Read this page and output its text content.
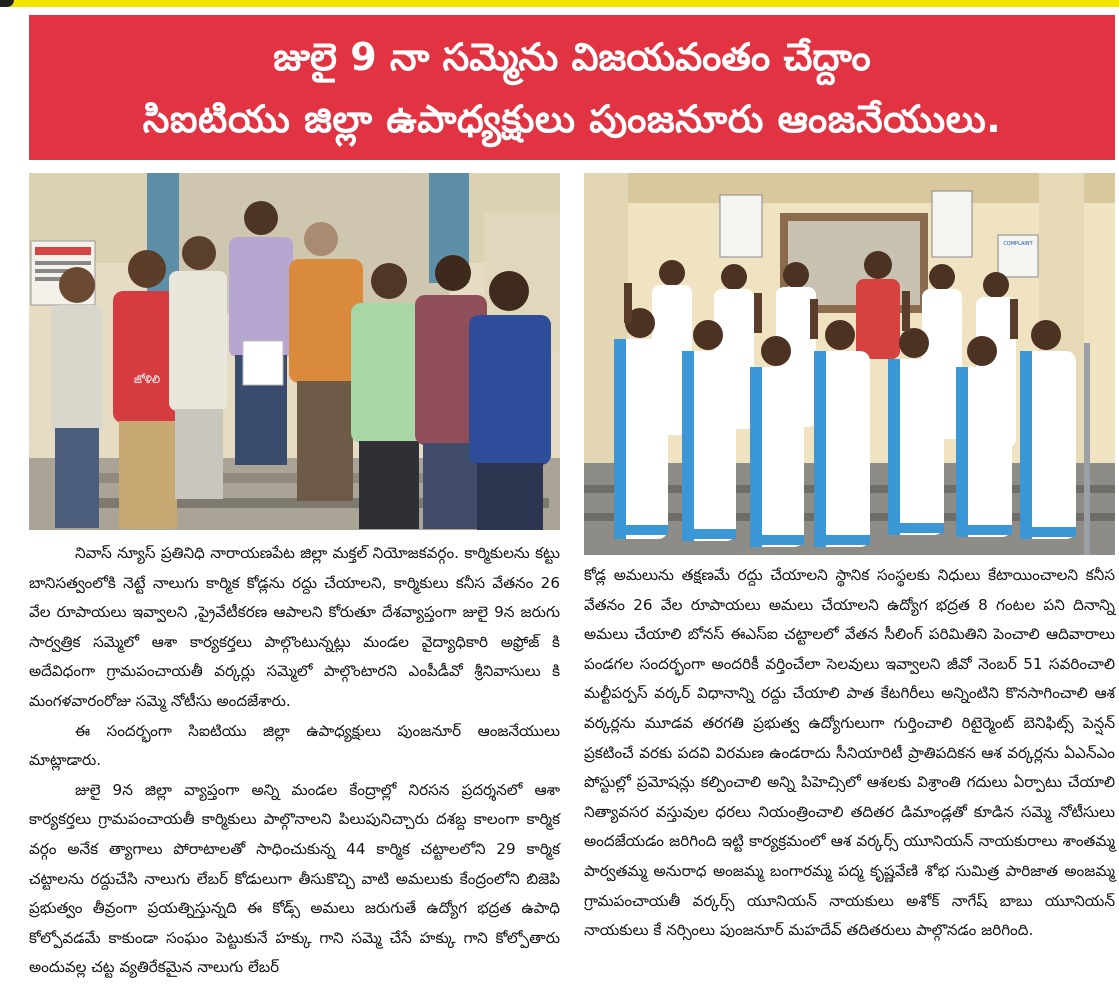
జులై 9 నా సమ్మెను విజయవంతం చేద్దాం
సిఐటియు జిల్లా ఉపాధ్యక్షులు పుంజనూరు ఆంజనేయులు.
జోళిలి
COMPLAINT

నివాస్ న్యూస్ ప్రతినిధి నారాయణపేట జిల్లా మక్తల్ నియోజకవర్గం. కార్మికులను కట్టు బానిసత్వంలోకి నెట్టే నాలుగు కార్మిక కోడ్లను రద్దు చేయాలని, కార్మికులు కనీస వేతనం 26 వేల రూపాయలు ఇవ్వాలని ,ప్రైవేటీకరణ ఆపాలని కోరుతూ దేశవ్యాప్తంగా జులై 9న జరుగు సార్వత్రిక సమ్మెలో ఆశా కార్యకర్తలు పాల్గొంటున్నట్లు మండల వైద్యాధికారి అఫ్రోజ్ కి అదేవిధంగా గ్రామపంచాయతీ వర్కర్లు సమ్మెలో పాల్గొంటారని ఎంపీడీవో శ్రీనివాసులు కి మంగళవారంరోజు సమ్మె నోటీసు అందజేశారు.

ఈ సందర్భంగా సిఐటియు జిల్లా ఉపాధ్యక్షులు పుంజనూర్ ఆంజనేయులు మాట్లాడారు.

జులై 9న జిల్లా వ్యాప్తంగా అన్ని మండల కేంద్రాల్లో నిరసన ప్రదర్శనలో ఆశా కార్యకర్తలు గ్రామపంచాయతీ కార్మికులు పాల్గొనాలని పిలుపునిచ్చారు దశబ్ద కాలంగా కార్మిక వర్గం అనేక త్యాగాలు పోరాటాలతో సాధించుకున్న 44 కార్మిక చట్టాలలోని 29 కార్మిక చట్టాలను రద్దుచేసి నాలుగు లేబర్ కోడులుగా తీసుకొచ్చి వాటి అమలుకు కేంద్రంలోని బిజెపి ప్రభుత్వం తీవ్రంగా ప్రయత్నిస్తున్నది ఈ కోడ్స్ అమలు జరుగుతే ఉద్యోగ భద్రత ఉపాధి కోల్పోవడమే కాకుండా సంఘం పెట్టుకునే హక్కు గాని సమ్మె చేసే హక్కు గాని కోల్పోతారు అందువల్ల చట్ట వ్యతిరేకమైన నాలుగు లేబర్

కోడ్ల అమలును తక్షణమే రద్దు చేయాలని స్థానిక సంస్థలకు నిధులు కేటాయించాలని కనీస వేతనం 26 వేల రూపాయలు అమలు చేయాలని ఉద్యోగ భద్రత 8 గంటల పని దినాన్ని అమలు చేయాలి బోనస్ ఈఎస్ఐ చట్టాలలో వేతన సీలింగ్ పరిమితిని పెంచాలి ఆదివారాలు పండగల సందర్భంగా అందరికీ వర్తించేలా సెలవులు ఇవ్వాలని జీవో నెంబర్ 51 సవరించాలి మల్టీపర్పస్ వర్కర్ విధానాన్ని రద్దు చేయాలి పాత కేటగిరీలు అన్నింటిని కొనసాగించాలి ఆశ వర్కర్లను మూడవ తరగతి ప్రభుత్వ ఉద్యోగులుగా గుర్తించాలి రిటైర్మెంట్ బెనిఫిట్స్ పెన్షన్ ప్రకటించే వరకు పదవి విరమణ ఉండరాదు సీనియారిటీ ప్రాతిపదికన ఆశ వర్కర్లను ఏఎన్ఎం పోస్టుల్లో ప్రమోషన్లు కల్పించాలి అన్ని పిహెచ్సిలో ఆశలకు విశ్రాంతి గదులు ఏర్పాటు చేయాలి నిత్యావసర వస్తువుల ధరలు నియంత్రించాలి తదితర డిమాండ్లతో కూడిన సమ్మె నోటీసులు అందజేయడం జరిగింది ఇట్టి కార్యక్రమంలో ఆశ వర్కర్స్ యూనియన్ నాయకురాలు శాంతమ్మ పార్వతమ్మ అనురాధ అంజమ్మ బంగారమ్మ పద్మ కృష్ణవేణి శోభ సుమిత్ర పారిజాత అంజమ్మ గ్రామపంచాయతీ వర్కర్స్ యూనియన్ నాయకులు అశోక్ నాగేష్ బాబు యూనియన్ నాయకులు కే నర్సింలు పుంజనూర్ మహదేవ్ తదితరులు పాల్గొనడం జరిగింది.
